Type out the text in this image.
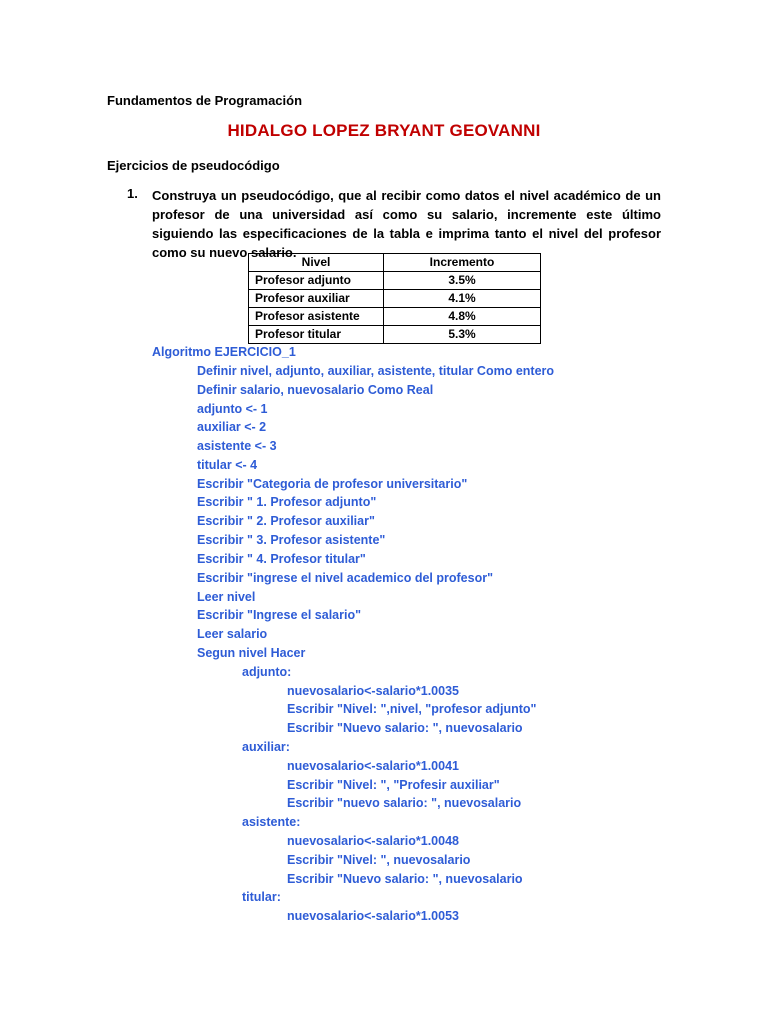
Fundamentos de Programación
HIDALGO LOPEZ BRYANT GEOVANNI
Ejercicios de pseudocódigo
1. Construya un pseudocódigo, que al recibir como datos el nivel académico de un profesor de una universidad así como su salario, incremente este último siguiendo las especificaciones de la tabla e imprima tanto el nivel del profesor como su nuevo salario.
Nivel	Incremento
Profesor adjunto	3.5%
Profesor auxiliar	4.1%
Profesor asistente	4.8%
Profesor titular	5.3%
Algoritmo EJERCICIO_1
Definir nivel, adjunto, auxiliar, asistente, titular Como entero
Definir salario, nuevosalario Como Real
adjunto <- 1
auxiliar <- 2
asistente <- 3
titular <- 4
Escribir "Categoria de profesor universitario"
Escribir " 1. Profesor adjunto"
Escribir " 2. Profesor auxiliar"
Escribir " 3. Profesor asistente"
Escribir " 4. Profesor titular"
Escribir "ingrese el nivel academico del profesor"
Leer nivel
Escribir "Ingrese el salario"
Leer salario
Segun nivel Hacer
adjunto:
nuevosalario<-salario*1.0035
Escribir "Nivel: ",nivel, "profesor adjunto"
Escribir "Nuevo salario: ", nuevosalario
auxiliar:
nuevosalario<-salario*1.0041
Escribir "Nivel: ", "Profesir auxiliar"
Escribir "nuevo salario: ", nuevosalario
asistente:
nuevosalario<-salario*1.0048
Escribir "Nivel: ", nuevosalario
Escribir "Nuevo salario: ", nuevosalario
titular:
nuevosalario<-salario*1.0053
